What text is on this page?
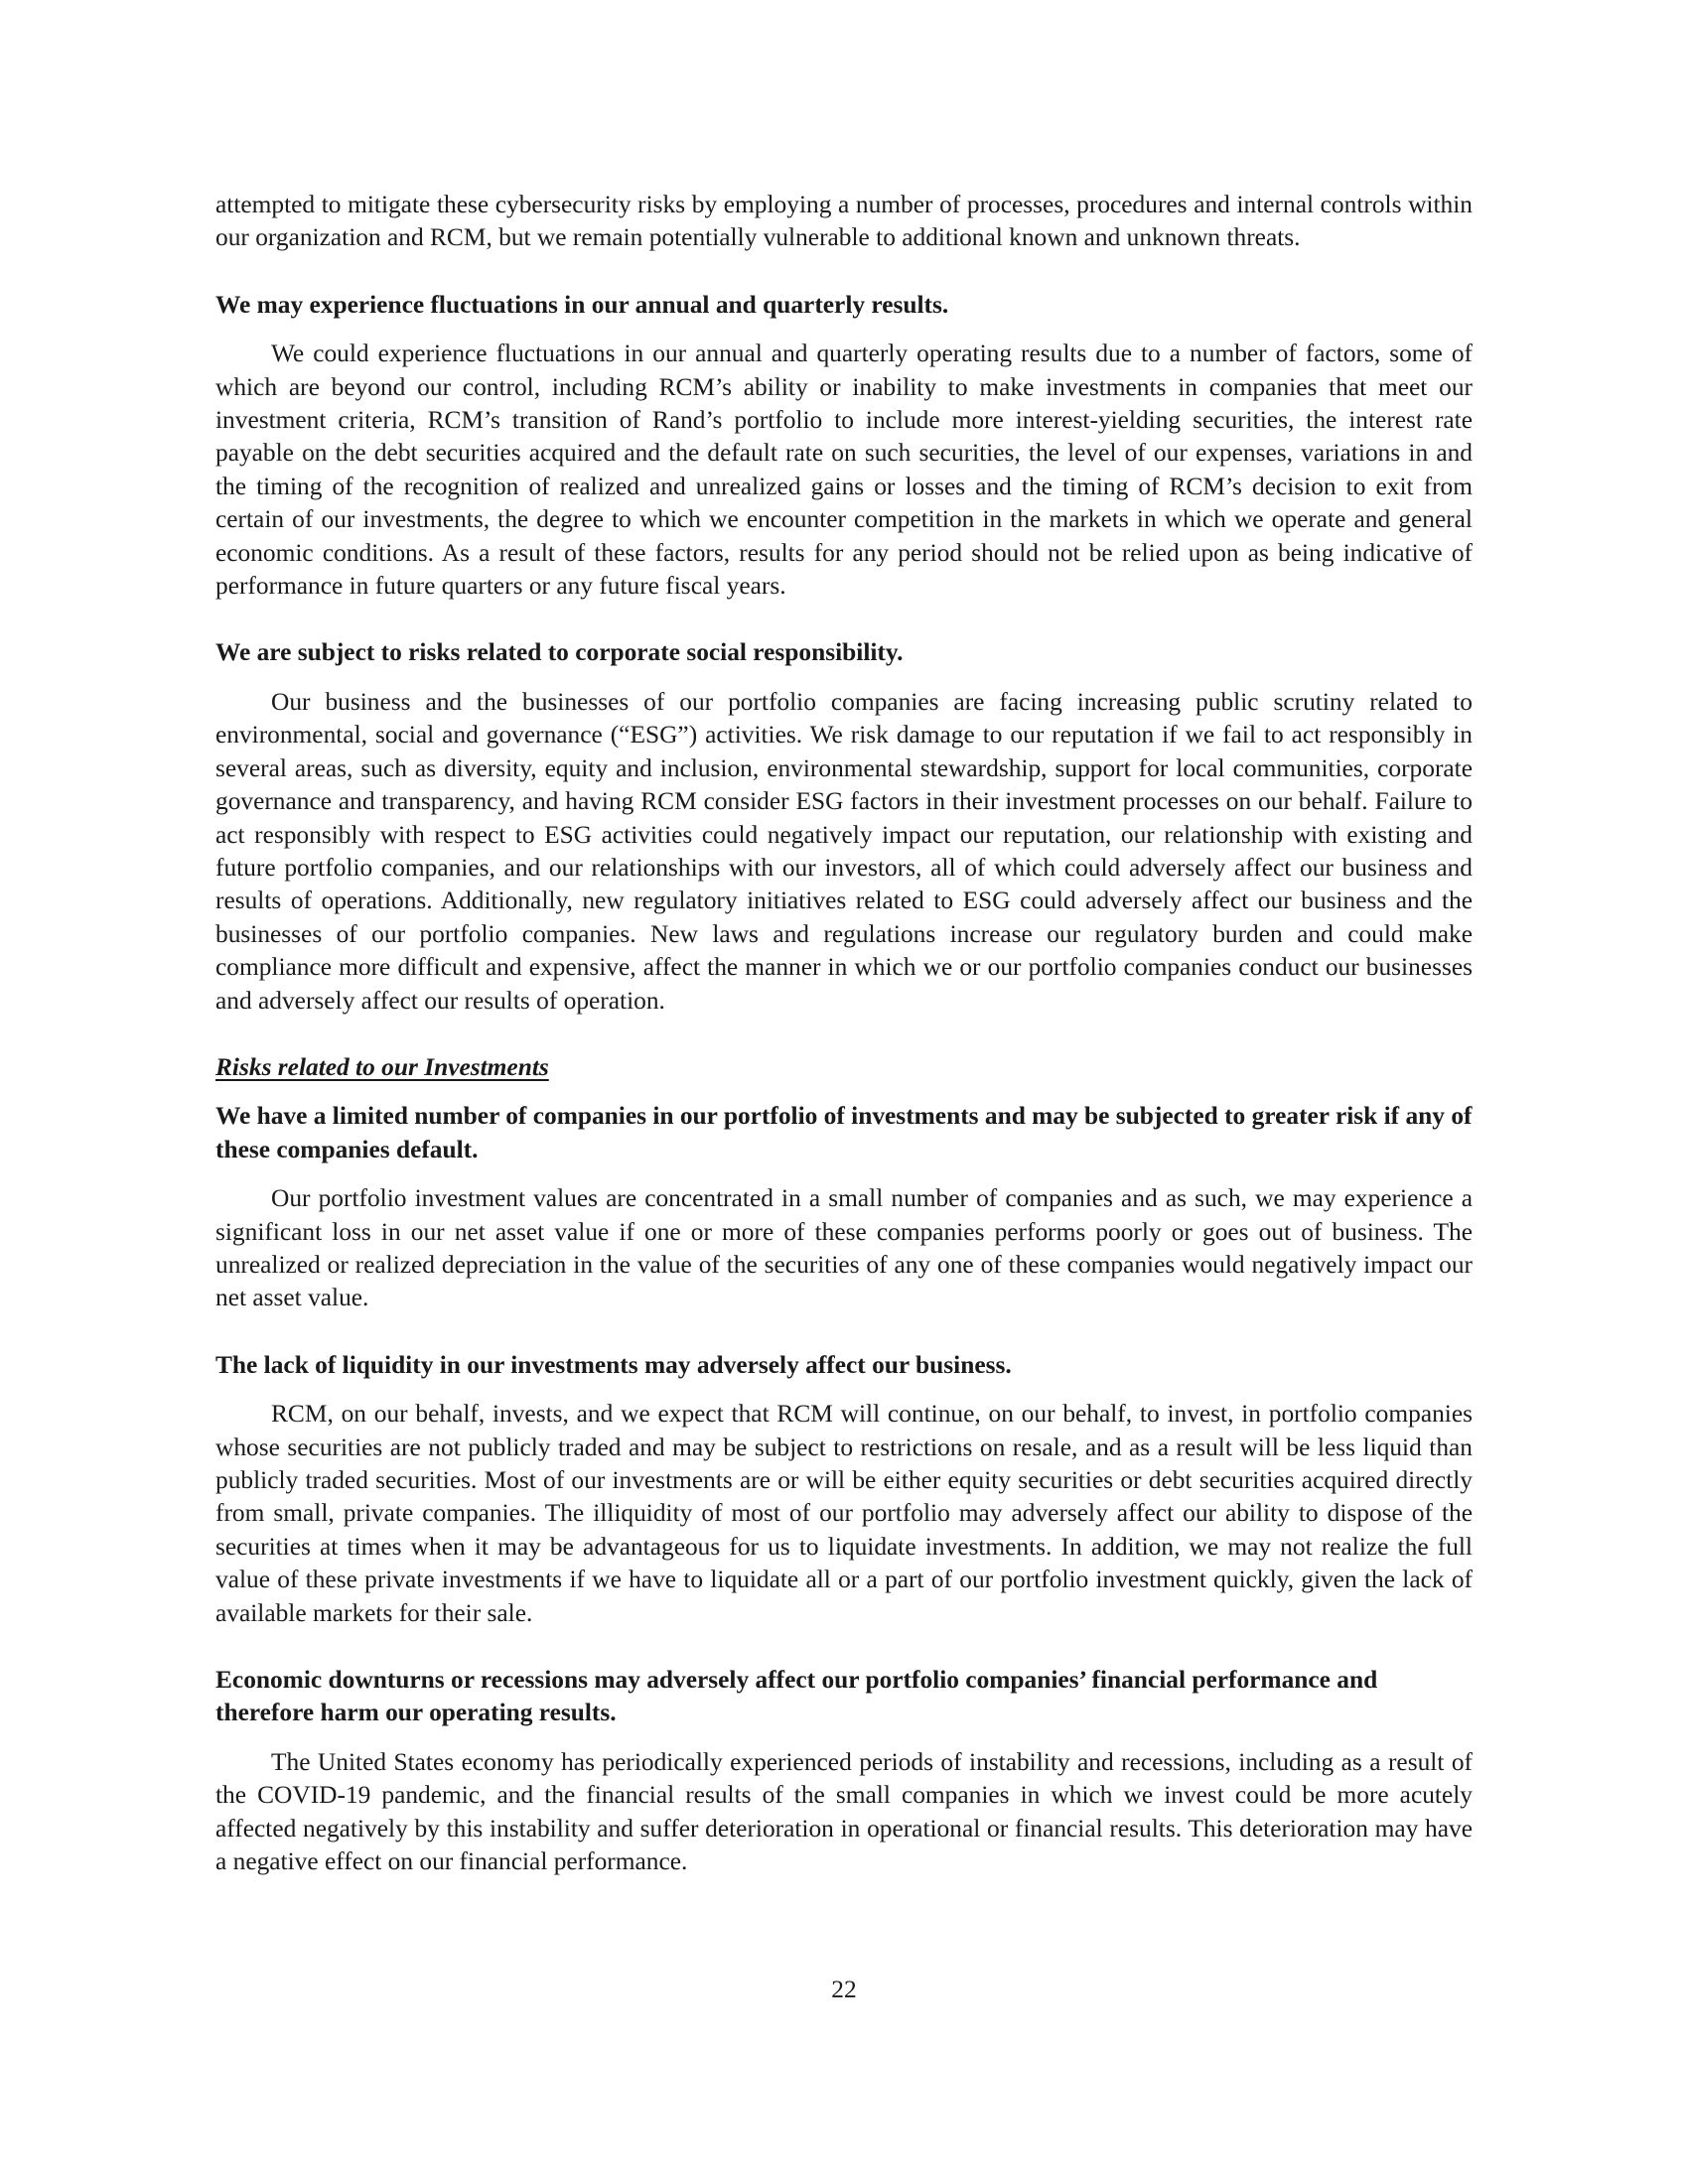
attempted to mitigate these cybersecurity risks by employing a number of processes, procedures and internal controls within our organization and RCM, but we remain potentially vulnerable to additional known and unknown threats.

We may experience fluctuations in our annual and quarterly results.

We could experience fluctuations in our annual and quarterly operating results due to a number of factors, some of which are beyond our control, including RCM’s ability or inability to make investments in companies that meet our investment criteria, RCM’s transition of Rand’s portfolio to include more interest-yielding securities, the interest rate payable on the debt securities acquired and the default rate on such securities, the level of our expenses, variations in and the timing of the recognition of realized and unrealized gains or losses and the timing of RCM’s decision to exit from certain of our investments, the degree to which we encounter competition in the markets in which we operate and general economic conditions. As a result of these factors, results for any period should not be relied upon as being indicative of performance in future quarters or any future fiscal years.

We are subject to risks related to corporate social responsibility.

Our business and the businesses of our portfolio companies are facing increasing public scrutiny related to environmental, social and governance (“ESG”) activities. We risk damage to our reputation if we fail to act responsibly in several areas, such as diversity, equity and inclusion, environmental stewardship, support for local communities, corporate governance and transparency, and having RCM consider ESG factors in their investment processes on our behalf. Failure to act responsibly with respect to ESG activities could negatively impact our reputation, our relationship with existing and future portfolio companies, and our relationships with our investors, all of which could adversely affect our business and results of operations. Additionally, new regulatory initiatives related to ESG could adversely affect our business and the businesses of our portfolio companies. New laws and regulations increase our regulatory burden and could make compliance more difficult and expensive, affect the manner in which we or our portfolio companies conduct our businesses and adversely affect our results of operation.

Risks related to our Investments
We have a limited number of companies in our portfolio of investments and may be subjected to greater risk if any of these companies default.

Our portfolio investment values are concentrated in a small number of companies and as such, we may experience a significant loss in our net asset value if one or more of these companies performs poorly or goes out of business. The unrealized or realized depreciation in the value of the securities of any one of these companies would negatively impact our net asset value.

The lack of liquidity in our investments may adversely affect our business.

RCM, on our behalf, invests, and we expect that RCM will continue, on our behalf, to invest, in portfolio companies whose securities are not publicly traded and may be subject to restrictions on resale, and as a result will be less liquid than publicly traded securities. Most of our investments are or will be either equity securities or debt securities acquired directly from small, private companies. The illiquidity of most of our portfolio may adversely affect our ability to dispose of the securities at times when it may be advantageous for us to liquidate investments. In addition, we may not realize the full value of these private investments if we have to liquidate all or a part of our portfolio investment quickly, given the lack of available markets for their sale.

Economic downturns or recessions may adversely affect our portfolio companies’ financial performance and therefore harm our operating results.

The United States economy has periodically experienced periods of instability and recessions, including as a result of the COVID-19 pandemic, and the financial results of the small companies in which we invest could be more acutely affected negatively by this instability and suffer deterioration in operational or financial results. This deterioration may have a negative effect on our financial performance.

22
